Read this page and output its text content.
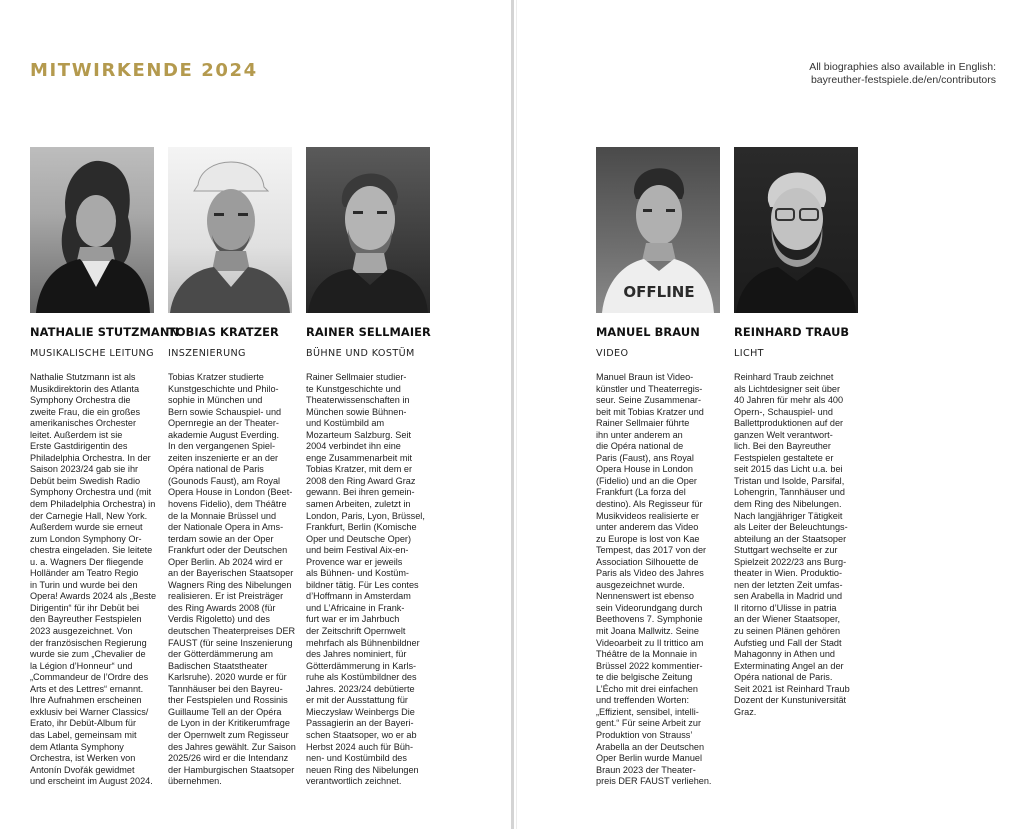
MITWIRKENDE 2024	All biographies also available in English:
bayreuther-festspiele.de/en/contributors
NATHALIE STUTZMANN
MUSIKALISCHE LEITUNG
Nathalie Stutzmann ist als
Musikdirektorin des Atlanta
Symphony Orchestra die
zweite Frau, die ein großes
amerikanisches Orchester
leitet. Außerdem ist sie
Erste Gastdirigentin des
Philadelphia Orchestra. In der
Saison 2023/24 gab sie ihr
Debüt beim Swedish Radio
Symphony Orchestra und (mit
dem Philadelphia Orchestra) in
der Carnegie Hall, New York.
Außerdem wurde sie erneut
zum London Symphony Or-
chestra eingeladen. Sie leitete
u. a. Wagners Der fliegende
Holländer am Teatro Regio
in Turin und wurde bei den
Opera! Awards 2024 als „Beste
Dirigentin“ für ihr Debüt bei
den Bayreuther Festspielen
2023 ausgezeichnet. Von
der französischen Regierung
wurde sie zum „Chevalier de
la Légion d’Honneur“ und
„Commandeur de l’Ordre des
Arts et des Lettres“ ernannt.
Ihre Aufnahmen erscheinen
exklusiv bei Warner Classics/
Erato, ihr Debüt-Album für
das Label, gemeinsam mit
dem Atlanta Symphony
Orchestra, ist Werken von
Antonín Dvořák gewidmet
und erscheint im August 2024.
TOBIAS KRATZER
INSZENIERUNG
Tobias Kratzer studierte
Kunstgeschichte und Philo-
sophie in München und
Bern sowie Schauspiel- und
Opernregie an der Theater-
akademie August Everding.
In den vergangenen Spiel-
zeiten inszenierte er an der
Opéra national de Paris
(Gounods Faust), am Royal
Opera House in London (Beet-
hovens Fidelio), dem Théâtre
de la Monnaie Brüssel und
der Nationale Opera in Ams-
terdam sowie an der Oper
Frankfurt oder der Deutschen
Oper Berlin. Ab 2024 wird er
an der Bayerischen Staatsoper
Wagners Ring des Nibelungen
realisieren. Er ist Preisträger
des Ring Awards 2008 (für
Verdis Rigoletto) und des
deutschen Theaterpreises DER
FAUST (für seine Inszenierung
der Götterdämmerung am
Badischen Staatstheater
Karlsruhe). 2020 wurde er für
Tannhäuser bei den Bayreu-
ther Festspielen und Rossinis
Guillaume Tell an der Opéra
de Lyon in der Kritikerumfrage
der Opernwelt zum Regisseur
des Jahres gewählt. Zur Saison
2025/26 wird er die Intendanz
der Hamburgischen Staatsoper
übernehmen.
RAINER SELLMAIER
BÜHNE UND KOSTÜM
Rainer Sellmaier studier-
te Kunstgeschichte und
Theaterwissenschaften in
München sowie Bühnen-
und Kostümbild am
Mozarteum Salzburg. Seit
2004 verbindet ihn eine
enge Zusammenarbeit mit
Tobias Kratzer, mit dem er
2008 den Ring Award Graz
gewann. Bei ihren gemein-
samen Arbeiten, zuletzt in
London, Paris, Lyon, Brüssel,
Frankfurt, Berlin (Komische
Oper und Deutsche Oper)
und beim Festival Aix-en-
Provence war er jeweils
als Bühnen- und Kostüm-
bildner tätig. Für Les contes
d’Hoffmann in Amsterdam
und L’Africaine in Frank-
furt war er im Jahrbuch
der Zeitschrift Opernwelt
mehrfach als Bühnenbildner
des Jahres nominiert, für
Götterdämmerung in Karls-
ruhe als Kostümbildner des
Jahres. 2023/24 debütierte
er mit der Ausstattung für
Mieczysław Weinbergs Die
Passagierin an der Bayeri-
schen Staatsoper, wo er ab
Herbst 2024 auch für Büh-
nen- und Kostümbild des
neuen Ring des Nibelungen
verantwortlich zeichnet.
OFFLINE
MANUEL BRAUN
VIDEO
Manuel Braun ist Video-
künstler und Theaterregis-
seur. Seine Zusammenar-
beit mit Tobias Kratzer und
Rainer Sellmaier führte
ihn unter anderem an
die Opéra national de
Paris (Faust), ans Royal
Opera House in London
(Fidelio) und an die Oper
Frankfurt (La forza del
destino). Als Regisseur für
Musikvideos realisierte er
unter anderem das Video
zu Europe is lost von Kae
Tempest, das 2017 von der
Association Silhouette de
Paris als Video des Jahres
ausgezeichnet wurde.
Nennenswert ist ebenso
sein Videorundgang durch
Beethovens 7. Symphonie
mit Joana Mallwitz. Seine
Videoarbeit zu Il trittico am
Théâtre de la Monnaie in
Brüssel 2022 kommentier-
te die belgische Zeitung
L’Écho mit drei einfachen
und treffenden Worten:
„Effizient, sensibel, intelli-
gent.“ Für seine Arbeit zur
Produktion von Strauss’
Arabella an der Deutschen
Oper Berlin wurde Manuel
Braun 2023 der Theater-
preis DER FAUST verliehen.
REINHARD TRAUB
LICHT
Reinhard Traub zeichnet
als Lichtdesigner seit über
40 Jahren für mehr als 400
Opern-, Schauspiel- und
Ballettproduktionen auf der
ganzen Welt verantwort-
lich. Bei den Bayreuther
Festspielen gestaltete er
seit 2015 das Licht u.a. bei
Tristan und Isolde, Parsifal,
Lohengrin, Tannhäuser und
dem Ring des Nibelungen.
Nach langjähriger Tätigkeit
als Leiter der Beleuchtungs-
abteilung an der Staatsoper
Stuttgart wechselte er zur
Spielzeit 2022/23 ans Burg-
theater in Wien. Produktio-
nen der letzten Zeit umfas-
sen Arabella in Madrid und
Il ritorno d’Ulisse in patria
an der Wiener Staatsoper,
zu seinen Plänen gehören
Aufstieg und Fall der Stadt
Mahagonny in Athen und
Exterminating Angel an der
Opéra national de Paris.
Seit 2021 ist Reinhard Traub
Dozent der Kunstuniversität
Graz.
